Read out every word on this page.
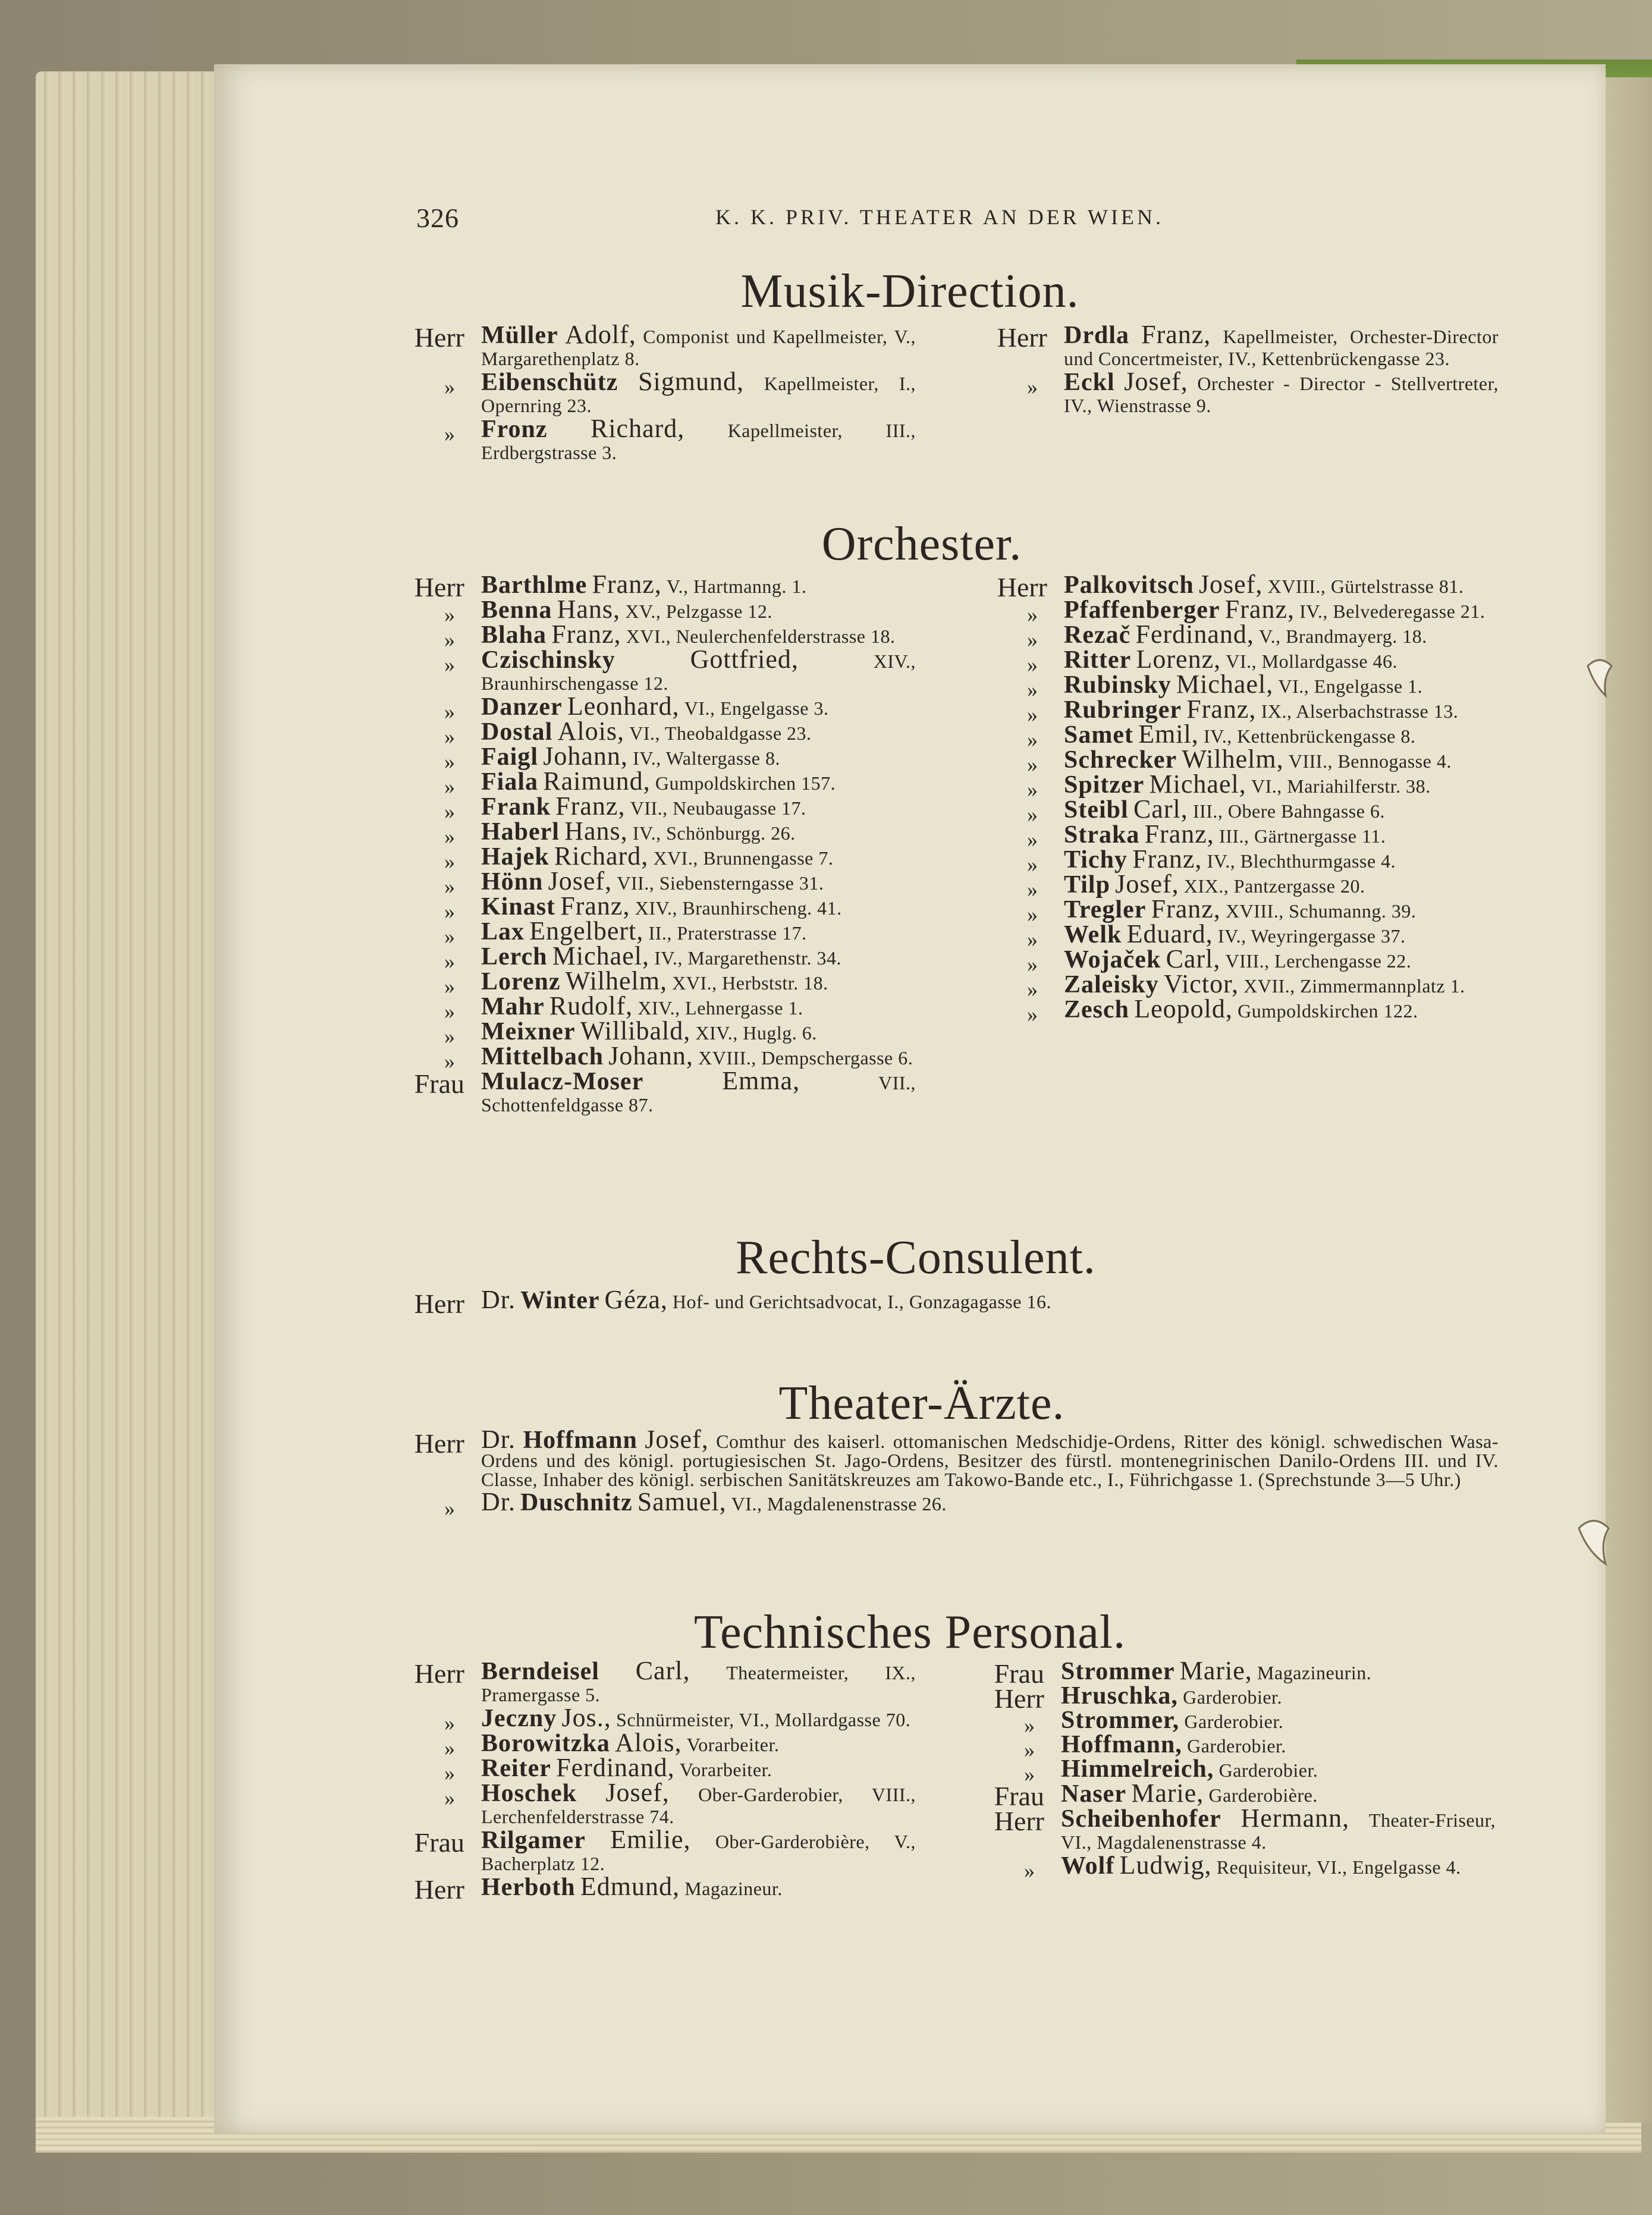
326	K. K. PRIV. THEATER AN DER WIEN.
Musik-Direction.
Herr Müller Adolf, Componist und Kapellmeister, V., Margarethenplatz 8.
»	Eibenschütz Sigmund, Kapellmeister, I., Opernring 23.
»	Fronz Richard, Kapellmeister, III., Erdbergstrasse 3.
Herr Drdla Franz, Kapellmeister, Orchester-Director und Concertmeister, IV., Kettenbrückengasse 23.
»	Eckl Josef, Orchester - Director - Stellvertreter, IV., Wienstrasse 9.
Orchester.
Herr Barthlme Franz, V., Hartmanng. 1.
»	Benna Hans, XV., Pelzgasse 12.
»	Blaha Franz, XVI., Neulerchenfelderstrasse 18.
»	Czischinsky	Gottfried,	XIV., Braunhirschengasse 12.
»	Danzer Leonhard, VI., Engelgasse 3.
»	Dostal Alois, VI., Theobaldgasse 23.
»	Faigl Johann, IV., Waltergasse 8.
»	Fiala Raimund, Gumpoldskirchen 157.
»	Frank Franz, VII., Neubaugasse 17.
»	Haberl Hans, IV., Schönburgg. 26.
»	Hajek Richard, XVI., Brunnengasse 7.
»	Hönn Josef, VII., Siebensterngasse 31.
»	Kinast Franz, XIV., Braunhirscheng. 41.
»	Lax Engelbert, II., Praterstrasse 17.
»	Lerch Michael, IV., Margarethenstr. 34.
»	Lorenz Wilhelm, XVI., Herbststr. 18.
»	Mahr Rudolf, XIV., Lehnergasse 1.
»	Meixner Willibald, XIV., Huglg. 6.
»	Mittelbach Johann, XVIII., Dempschergasse 6.
Frau Mulacz-Moser	Emma,	VII., Schottenfeldgasse 87.
Herr Palkovitsch Josef, XVIII., Gürtelstrasse 81.
»	Pfaffenberger Franz, IV., Belvederegasse 21.
»	Rezač Ferdinand, V., Brandmayerg. 18.
»	Ritter Lorenz, VI., Mollardgasse 46.
»	Rubinsky Michael, VI., Engelgasse 1.
»	Rubringer Franz, IX., Alserbachstrasse 13.
»	Samet Emil, IV., Kettenbrückengasse 8.
»	Schrecker Wilhelm, VIII., Bennogasse 4.
»	Spitzer Michael, VI., Mariahilferstr. 38.
»	Steibl Carl, III., Obere Bahngasse 6.
»	Straka Franz, III., Gärtnergasse 11.
»	Tichy Franz, IV., Blechthurmgasse 4.
»	Tilp Josef, XIX., Pantzergasse 20.
»	Tregler Franz, XVIII., Schumanng. 39.
»	Welk Eduard, IV., Weyringergasse 37.
»	Wojaček Carl, VIII., Lerchengasse 22.
»	Zaleisky Victor, XVII., Zimmermannplatz 1.
»	Zesch Leopold, Gumpoldskirchen 122.
Rechts-Consulent.
Herr Dr. Winter Géza, Hof- und Gerichtsadvocat, I., Gonzagagasse 16.
Theater-Ärzte.
Herr Dr. Hoffmann Josef, Comthur des kaiserl. ottomanischen Medschidje-Ordens, Ritter des königl. schwedischen Wasa-Ordens und des königl. portugiesischen St. Jago-Ordens, Besitzer des fürstl. montenegrinischen Danilo-Ordens III. und IV. Classe, Inhaber des königl. serbischen Sanitätskreuzes am Takowo-Bande etc., I., Führichgasse 1. (Sprechstunde 3—5 Uhr.)
»	Dr. Duschnitz Samuel, VI., Magdalenenstrasse 26.
Technisches Personal.
Herr Berndeisel Carl, Theatermeister, IX., Pramergasse 5.
»	Jeczny Jos., Schnürmeister, VI., Mollardgasse 70.
»	Borowitzka Alois, Vorarbeiter.
»	Reiter Ferdinand, Vorarbeiter.
»	Hoschek Josef, Ober-Garderobier, VIII., Lerchenfelderstrasse 74.
Frau Rilgamer Emilie, Ober-Garderobière, V., Bacherplatz 12.
Herr Herboth Edmund, Magazineur.
Frau Strommer Marie, Magazineurin.
Herr Hruschka, Garderobier.
»	Strommer, Garderobier.
»	Hoffmann, Garderobier.
»	Himmelreich, Garderobier.
Frau Naser Marie, Garderobière.
Herr Scheibenhofer Hermann, Theater-Friseur, VI., Magdalenenstrasse 4.
»	Wolf Ludwig, Requisiteur, VI., Engelgasse 4.
